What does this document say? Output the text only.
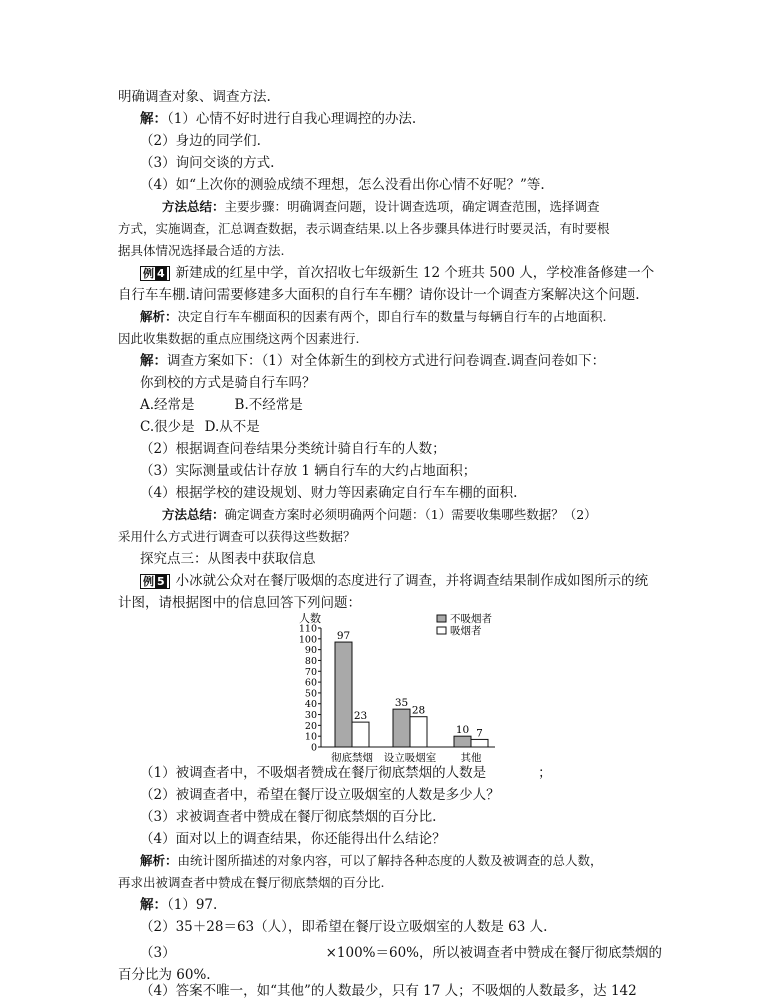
明确调查对象、调查方法.
解：（1）心情不好时进行自我心理调控的办法.
（2）身边的同学们.
（3）询问交谈的方式.
（4）如“上次你的测验成绩不理想，怎么没看出你心情不好呢？”等.
方法总结：主要步骤：明确调查问题，设计调查选项，确定调查范围，选择调查
方式，实施调查，汇总调查数据，表示调查结果.以上各步骤具体进行时要灵活，有时要根
据具体情况选择最合适的方法.
例 4 新建成的红星中学，首次招收七年级新生 12 个班共 500 人，学校准备修建一个
自行车车棚.请问需要修建多大面积的自行车车棚？请你设计一个调查方案解决这个问题.
解析：决定自行车车棚面积的因素有两个，即自行车的数量与每辆自行车的占地面积.
因此收集数据的重点应围绕这两个因素进行.
解：调查方案如下：（1）对全体新生的到校方式进行问卷调查.调查问卷如下：
你到校的方式是骑自行车吗？
A.经常是	B.不经常是
C.很少是 D.从不是
（2）根据调查问卷结果分类统计骑自行车的人数；
（3）实际测量或估计存放 1 辆自行车的大约占地面积；
（4）根据学校的建设规划、财力等因素确定自行车车棚的面积.
方法总结：确定调查方案时必须明确两个问题：（1）需要收集哪些数据？（2）
采用什么方式进行调查可以获得这些数据？
探究点三：从图表中获取信息
例 5 小冰就公众对在餐厅吸烟的态度进行了调查，并将调查结果制作成如图所示的统
计图，请根据图中的信息回答下列问题：
人数
0
10
20
30
40
50
60
70
80
90
100
110
97
23
35
28
10 7
彻底禁烟 设立吸烟室 其他
不吸烟者
吸烟者
（1）被调查者中，不吸烟者赞成在餐厅彻底禁烟的人数是	；
（2）被调查者中，希望在餐厅设立吸烟室的人数是多少人？
（3）求被调查者中赞成在餐厅彻底禁烟的百分比.
（4）面对以上的调查结果，你还能得出什么结论？
解析：由统计图所描述的对象内容，可以了解持各种态度的人数及被调查的总人数，
再求出被调查者中赞成在餐厅彻底禁烟的百分比.
解：（1）97.
（2）35＋28＝63（人），即希望在餐厅设立吸烟室的人数是 63 人.
（3）	×100%＝60%，所以被调查者中赞成在餐厅彻底禁烟的
百分比为 60%.
（4）答案不唯一，如“其他”的人数最少，只有 17 人；不吸烟的人数最多，达 142
